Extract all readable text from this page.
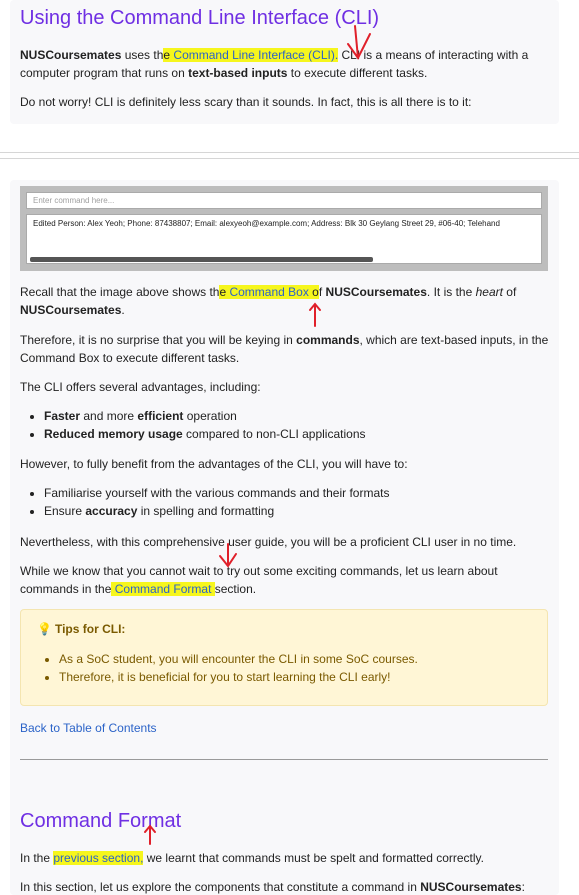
Using the Command Line Interface (CLI)

NUSCoursemates uses the Command Line Interface (CLI). CLI is a means of interacting with a computer program that runs on text-based inputs to execute different tasks.

Do not worry! CLI is definitely less scary than it sounds. In fact, this is all there is to it:

Enter command here...
Edited Person: Alex Yeoh; Phone: 87438807; Email: alexyeoh@example.com; Address: Blk 30 Geylang Street 29, #06-40; Telehand

Recall that the image above shows the Command Box of NUSCoursemates. It is the heart of NUSCoursemates.

Therefore, it is no surprise that you will be keying in commands, which are text-based inputs, in the Command Box to execute different tasks.

The CLI offers several advantages, including:

• Faster and more efficient operation
• Reduced memory usage compared to non-CLI applications

However, to fully benefit from the advantages of the CLI, you will have to:

• Familiarise yourself with the various commands and their formats
• Ensure accuracy in spelling and formatting

Nevertheless, with this comprehensive user guide, you will be a proficient CLI user in no time.

While we know that you cannot wait to try out some exciting commands, let us learn about commands in the Command Format section.

💡 Tips for CLI:
• As a SoC student, you will encounter the CLI in some SoC courses.
• Therefore, it is beneficial for you to start learning the CLI early!

Back to Table of Contents

Command Format

In the previous section, we learnt that commands must be spelt and formatted correctly.

In this section, let us explore the components that constitute a command in NUSCoursemates:
